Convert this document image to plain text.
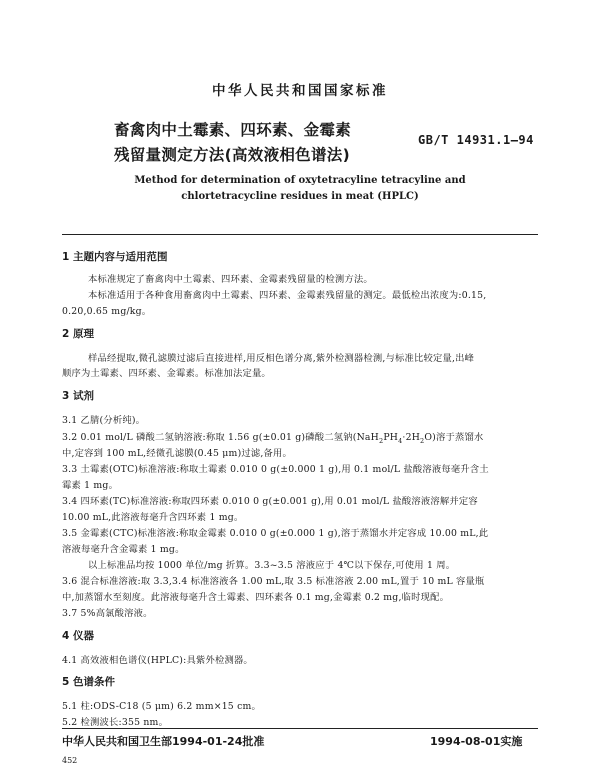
中华人民共和国国家标准
畜禽肉中土霉素、四环素、金霉素
残留量测定方法(高效液相色谱法)
GB/T 14931.1—94
Method for determination of oxytetracyline tetracyline and
chlortetracycline residues in meat (HPLC)
1 主题内容与适用范围
本标准规定了畜禽肉中土霉素、四环素、金霉素残留量的检测方法。
本标准适用于各种食用畜禽肉中土霉素、四环素、金霉素残留量的测定。最低检出浓度为:0.15,
0.20,0.65 mg/kg。
2 原理
样品经提取,微孔滤膜过滤后直接进样,用反相色谱分离,紫外检测器检测,与标准比较定量,出峰
顺序为土霉素、四环素、金霉素。标准加法定量。
3 试剂
3.1 乙腈(分析纯)。
3.2 0.01 mol/L 磷酸二氢钠溶液:称取 1.56 g(±0.01 g)磷酸二氢钠$(NaH_2PH_4\cdot 2H_2O)$溶于蒸馏水
中,定容到 100 mL,经微孔滤膜(0.45 μm)过滤,备用。
3.3 土霉素(OTC)标准溶液:称取土霉素 0.010 0 g(±0.000 1 g),用 0.1 mol/L 盐酸溶液每毫升含土
霉素 1 mg。
3.4 四环素(TC)标准溶液:称取四环素 0.010 0 g(±0.001 g),用 0.01 mol/L 盐酸溶液溶解并定容
10.00 mL,此溶液每毫升含四环素 1 mg。
3.5 金霉素(CTC)标准溶液:称取金霉素 0.010 0 g(±0.000 1 g),溶于蒸馏水并定容成 10.00 mL,此
溶液每毫升含金霉素 1 mg。
以上标准品均按 1000 单位/mg 折算。3.3~3.5 溶液应于 4℃以下保存,可使用 1 周。
3.6 混合标准溶液:取 3.3,3.4 标准溶液各 1.00 mL,取 3.5 标准溶液 2.00 mL,置于 10 mL 容量瓶
中,加蒸馏水至刻度。此溶液每毫升含土霉素、四环素各 0.1 mg,金霉素 0.2 mg,临时现配。
3.7 5%高氯酸溶液。
4 仪器
4.1 高效液相色谱仪(HPLC):具紫外检测器。
5 色谱条件
5.1 柱:ODS-C18 (5 μm) 6.2 mm×15 cm。
5.2 检测波长:355 nm。
中华人民共和国卫生部1994-01-24批准	1994-08-01实施
452
